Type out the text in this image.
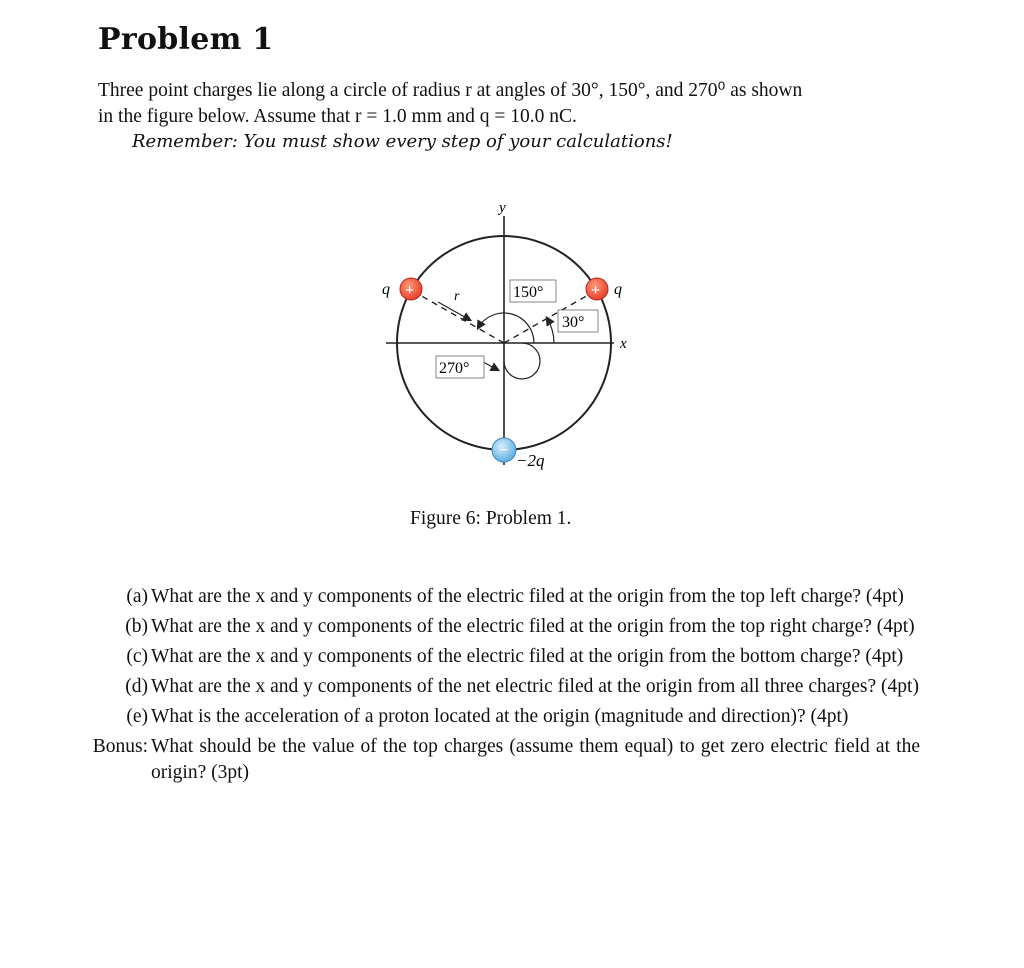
Problem 1

Three point charges lie along a circle of radius r at angles of 30°, 150°, and 270⁰ as shown

in the figure below. Assume that r = 1.0 mm and q = 10.0 nC.

Remember: You must show every step of your calculations!
x
y
r	150°
30°
270°
+
q	+ q
−
−2q
Figure 6: Problem 1.
(a) What are the x and y components of the electric filed at the origin from the top left charge? (4pt)
(b) What are the x and y components of the electric filed at the origin from the top right charge? (4pt)
(c) What are the x and y components of the electric filed at the origin from the bottom charge? (4pt)
(d) What are the x and y components of the net electric filed at the origin from all three charges? (4pt)
(e) What is the acceleration of a proton located at the origin (magnitude and direction)? (4pt)
Bonus: What should be the value of the top charges (assume them equal) to get zero electric field at the origin? (3pt)
